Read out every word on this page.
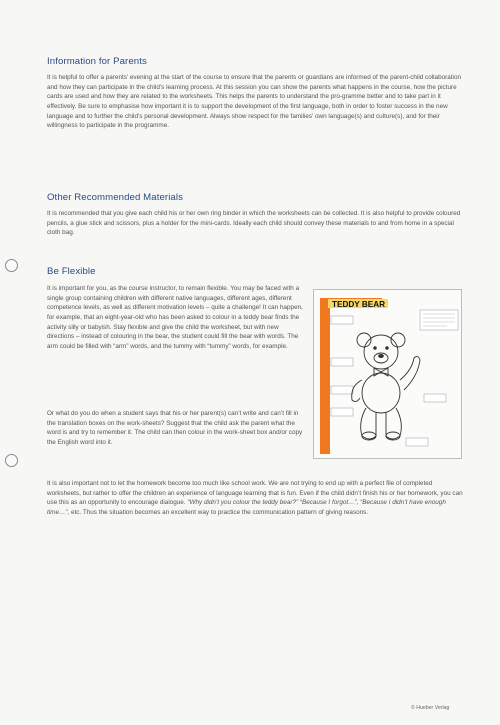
Information for Parents

It is helpful to offer a parents’ evening at the start of the course to ensure that the parents or guardians are informed of the parent-child collaboration and how they can participate in the child’s learning process. At this session you can show the parents what happens in the course, how the picture cards are used and how they are related to the worksheets. This helps the parents to understand the pro-gramme better and to take part in it effectively. Be sure to emphasise how important it is to support the development of the first language, both in order to foster success in the new language and to further the child’s personal development. Always show respect for the families’ own language(s) and culture(s), and for their willingness to participate in the programme.

Other Recommended Materials

It is recommended that you give each child his or her own ring binder in which the worksheets can be collected. It is also helpful to provide coloured pencils, a glue stick and scissors, plus a holder for the mini-cards. Ideally each child should convey these materials to and from home in a special cloth bag.

Be Flexible

It is important for you, as the course instructor, to remain flexible. You may be faced with a single group containing children with different native languages, different ages, different competence levels, as well as different motivation levels – quite a challenge! It can happen, for example, that an eight-year-old who has been asked to colour in a teddy bear finds the activity silly or babyish. Stay flexible and give the child the worksheet, but with new directions – instead of colouring in the bear, the student could fill the bear with words. The arm could be filled with “arm” words, and the tummy with “tummy” words, for example.

Or what do you do when a student says that his or her parent(s) can’t write and can’t fill in the translation boxes on the work-sheets? Suggest that the child ask the parent what the word is and try to remember it. The child can then colour in the work-sheet box and/or copy the English word into it.

It is also important not to let the homework become too much like school work. We are not trying to end up with a perfect file of completed worksheets, but rather to offer the children an experience of language learning that is fun. Even if the child didn’t finish his or her homework, you can use this as an opportunity to encourage dialogue. “Why didn’t you colour the teddy bear?” “Because I forgot…”, “Because I didn’t have enough time…”, etc. Thus the situation becomes an excellent way to practice the communication pattern of giving reasons.

TEDDY BEAR
© Hueber Verlag
